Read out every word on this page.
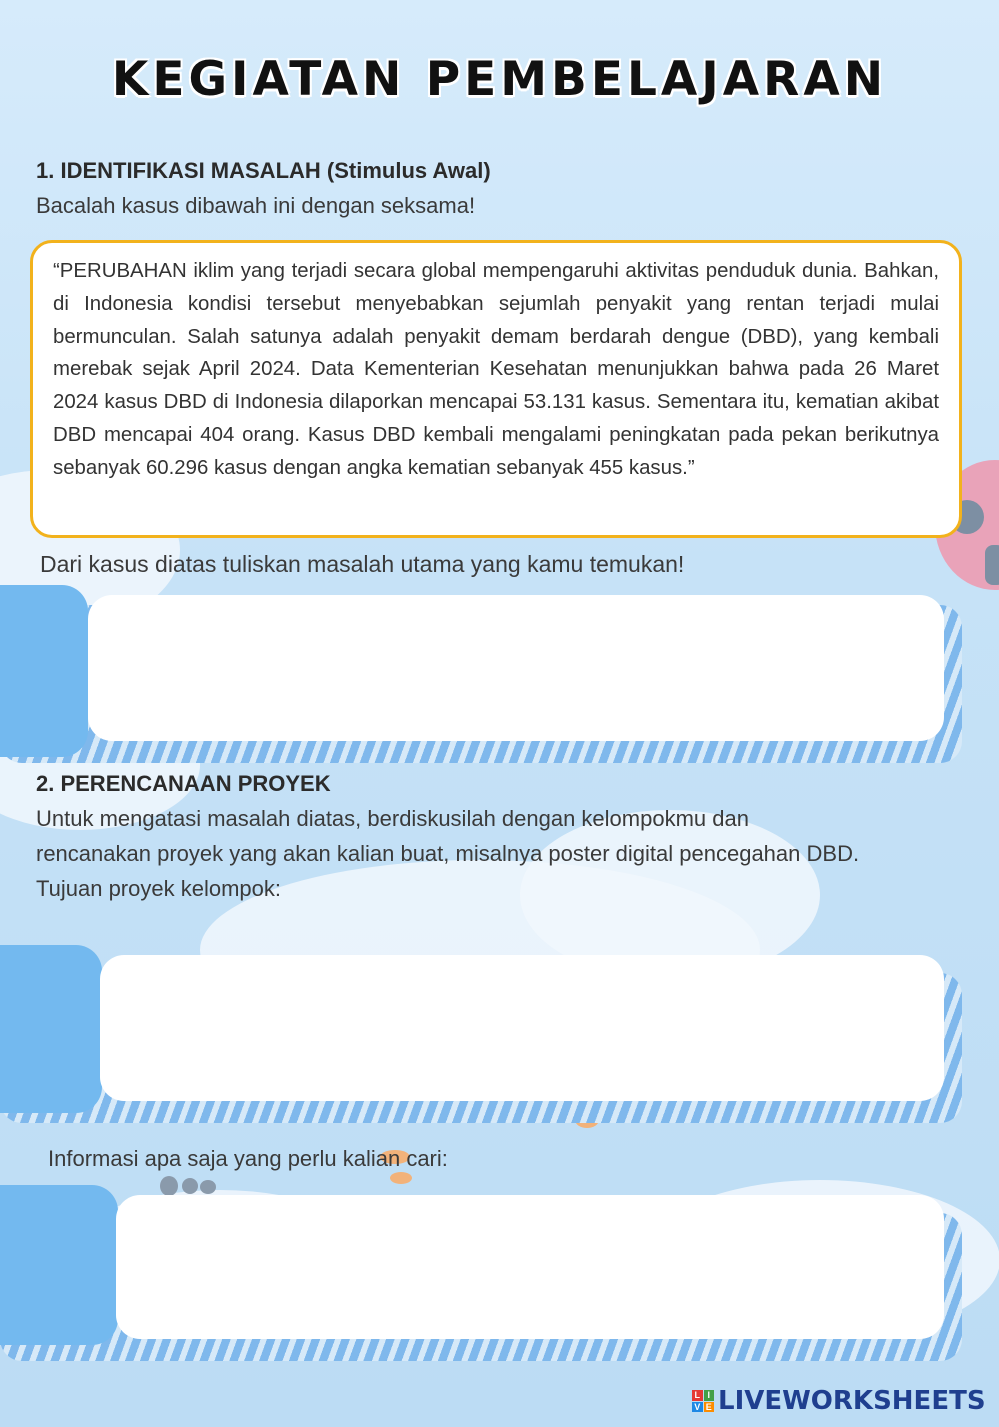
KEGIATAN PEMBELAJARAN
1. IDENTIFIKASI MASALAH (Stimulus Awal)
Bacalah kasus dibawah ini dengan seksama!
“PERUBAHAN iklim yang terjadi secara global mempengaruhi aktivitas penduduk dunia. Bahkan, di Indonesia kondisi tersebut menyebabkan sejumlah penyakit yang rentan terjadi mulai bermunculan. Salah satunya adalah penyakit demam berdarah dengue (DBD), yang kembali merebak sejak April 2024. Data Kementerian Kesehatan menunjukkan bahwa pada 26 Maret 2024 kasus DBD di Indonesia dilaporkan mencapai 53.131 kasus. Sementara itu, kematian akibat DBD mencapai 404 orang. Kasus DBD kembali mengalami peningkatan pada pekan berikutnya sebanyak 60.296 kasus dengan angka kematian sebanyak 455 kasus.”
Dari kasus diatas tuliskan masalah utama yang kamu temukan!
2. PERENCANAAN PROYEK
Untuk mengatasi masalah diatas, berdiskusilah dengan kelompokmu dan
rencanakan proyek yang akan kalian buat, misalnya poster digital pencegahan DBD.
Tujuan proyek kelompok:
Informasi apa saja yang perlu kalian cari:
L I
V E LIVEWORKSHEETS
